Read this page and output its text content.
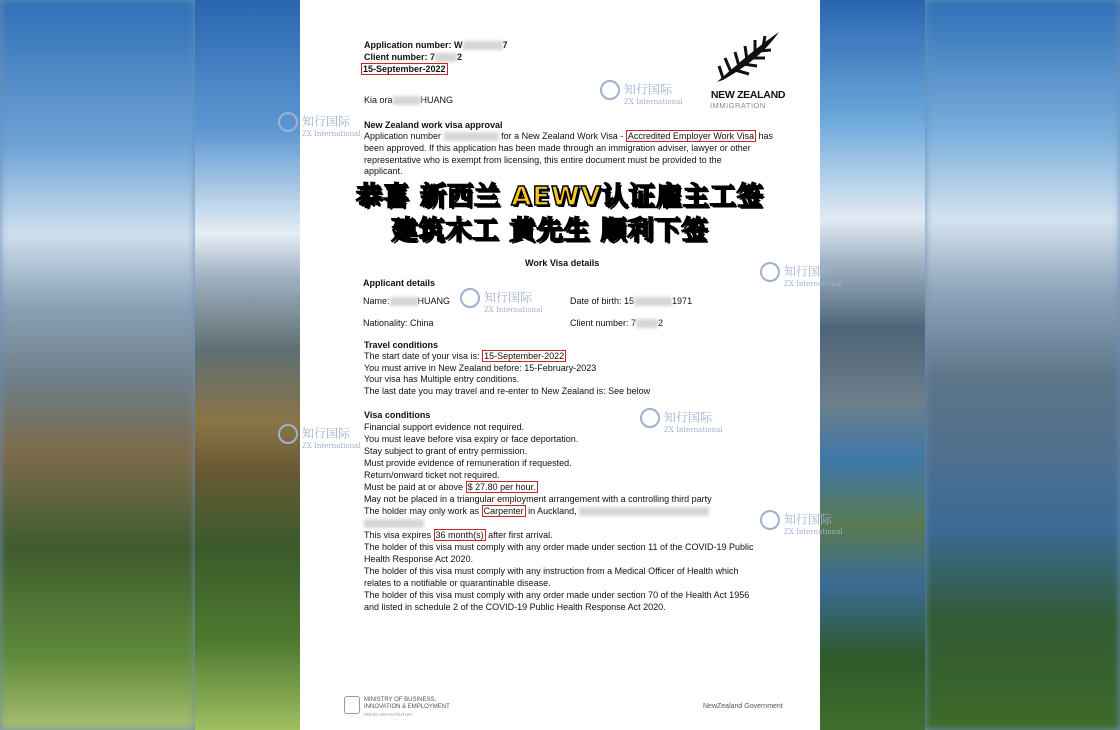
NEW ZEALAND
IMMIGRATION
Application number: W	7
Client number: 7 2
15-September-2022
Kia ora	HUANG
New Zealand work visa approval
Application number	for a New Zealand Work Visa - Accredited Employer Work Visa has
been approved. If this application has been made through an immigration adviser, lawyer or other
representative who is exempt from licensing, this entire document must be provided to the
applicant.
Work Visa details
Applicant details
Name:	HUANG	Date of birth: 15	1971
Nationality: China	Client number: 7 2
Travel conditions
The start date of your visa is: 15-September-2022
You must arrive in New Zealand before: 15-February-2023
Your visa has Multiple entry conditions.
The last date you may travel and re-enter to New Zealand is: See below
Visa conditions
Financial support evidence not required.
You must leave before visa expiry or face deportation.
Stay subject to grant of entry permission.
Must provide evidence of remuneration if requested.
Return/onward ticket not required.
Must be paid at or above $ 27.80 per hour.
May not be placed in a triangular employment arrangement with a controlling third party
The holder may only work as Carpenter in Auckland,
This visa expires 36 month(s) after first arrival.
The holder of this visa must comply with any order made under section 11 of the COVID-19 Public
Health Response Act 2020.
The holder of this visa must comply with any instruction from a Medical Officer of Health which
relates to a notifiable or quarantinable disease.
The holder of this visa must comply with any order made under section 70 of the Health Act 1956
and listed in schedule 2 of the COVID-19 Public Health Response Act 2020.
MINISTRY OF BUSINESS,
INNOVATION & EMPLOYMENT
HĪKINA WHAKATUTUKI
NewZealand Government
知行国际
ZX International
知行国际
ZX International
知行国际
ZX International
知行国际
ZX International
知行国际
ZX International
知行国际
ZX International
知行国际
ZX International
恭喜 新西兰 AEWV认证雇主工签
建筑木工 黄先生 顺利下签
